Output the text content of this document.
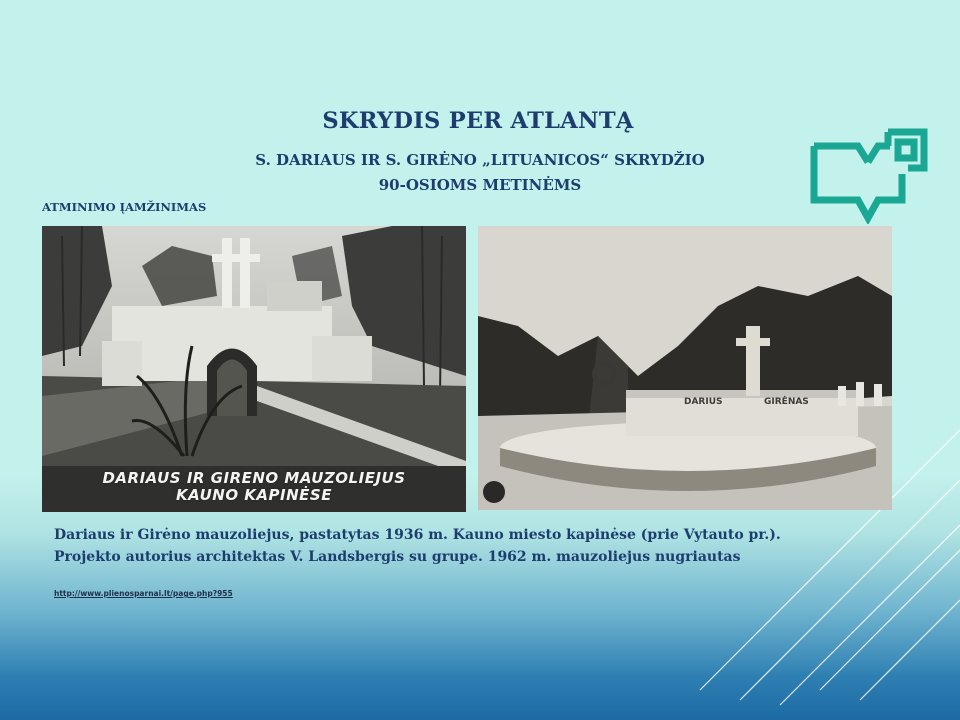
SKRYDIS PER ATLANTĄ
S. DARIAUS IR S. GIRĖNO „LITUANICOS“ SKRYDŽIO
90-OSIOMS METINĖMS
ATMINIMO ĮAMŽINIMAS
DARIAUS IR GIRENO MAUZOLIEJUS
KAUNO KAPINĖSE
DARIUS	GIRĖNAS
Dariaus ir Girėno mauzoliejus, pastatytas 1936 m. Kauno miesto kapinėse (prie Vytauto pr.).
Projekto autorius architektas V. Landsbergis su grupe. 1962 m. mauzoliejus nugriautas
http://www.plienosparnai.lt/page.php?955
